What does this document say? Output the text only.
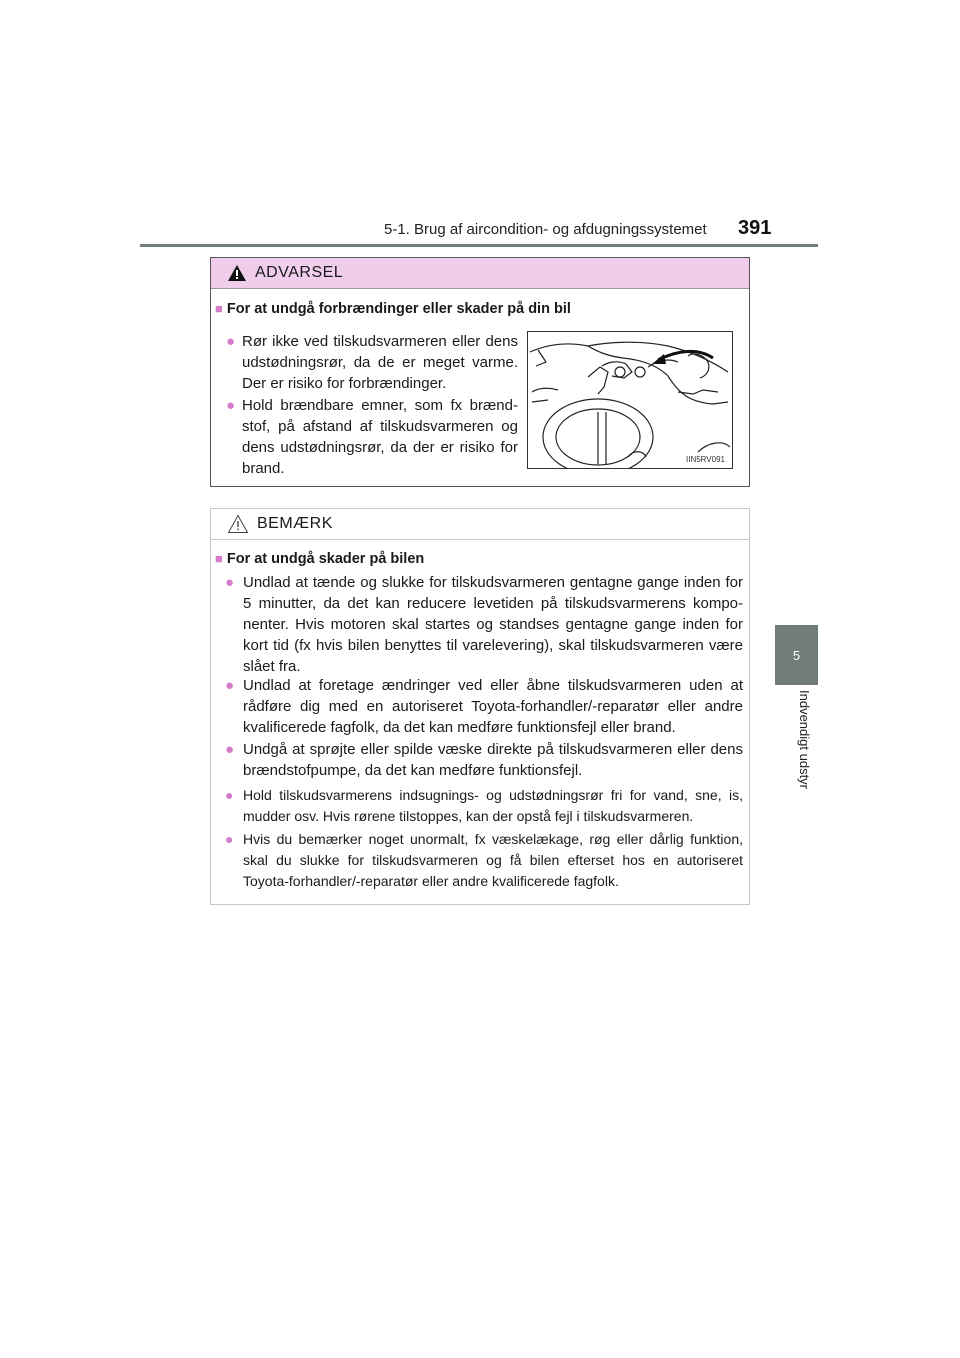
5-1. Brug af aircondition- og afdugningssystemet 391
5
Indvendigt udstyr
ADVARSEL
■ For at undgå forbrændinger eller skader på din bil
● Rør ikke ved tilskudsvarmeren eller dens udstødningsrør, da de er meget varme. Der er risiko for forbrændinger.
● Hold brændbare emner, som fx brænd-stof, på afstand af tilskudsvarmeren og dens udstødningsrør, da der er risiko for brand.
IIN5RV091
BEMÆRK
■ For at undgå skader på bilen
● Undlad at tænde og slukke for tilskudsvarmeren gentagne gange inden for 5 minutter, da det kan reducere levetiden på tilskudsvarmerens kompo-nenter. Hvis motoren skal startes og standses gentagne gange inden for kort tid (fx hvis bilen benyttes til varelevering), skal tilskudsvarmeren være slået fra.
● Undlad at foretage ændringer ved eller åbne tilskudsvarmeren uden at rådføre dig med en autoriseret Toyota-forhandler/-reparatør eller andre kvalificerede fagfolk, da det kan medføre funktionsfejl eller brand.
● Undgå at sprøjte eller spilde væske direkte på tilskudsvarmeren eller dens brændstofpumpe, da det kan medføre funktionsfejl.
● Hold tilskudsvarmerens indsugnings- og udstødningsrør fri for vand, sne, is, mudder osv. Hvis rørene tilstoppes, kan der opstå fejl i tilskudsvarmeren.
● Hvis du bemærker noget unormalt, fx væskelækage, røg eller dårlig funktion, skal du slukke for tilskudsvarmeren og få bilen efterset hos en autoriseret Toyota-forhandler/-reparatør eller andre kvalificerede fagfolk.
